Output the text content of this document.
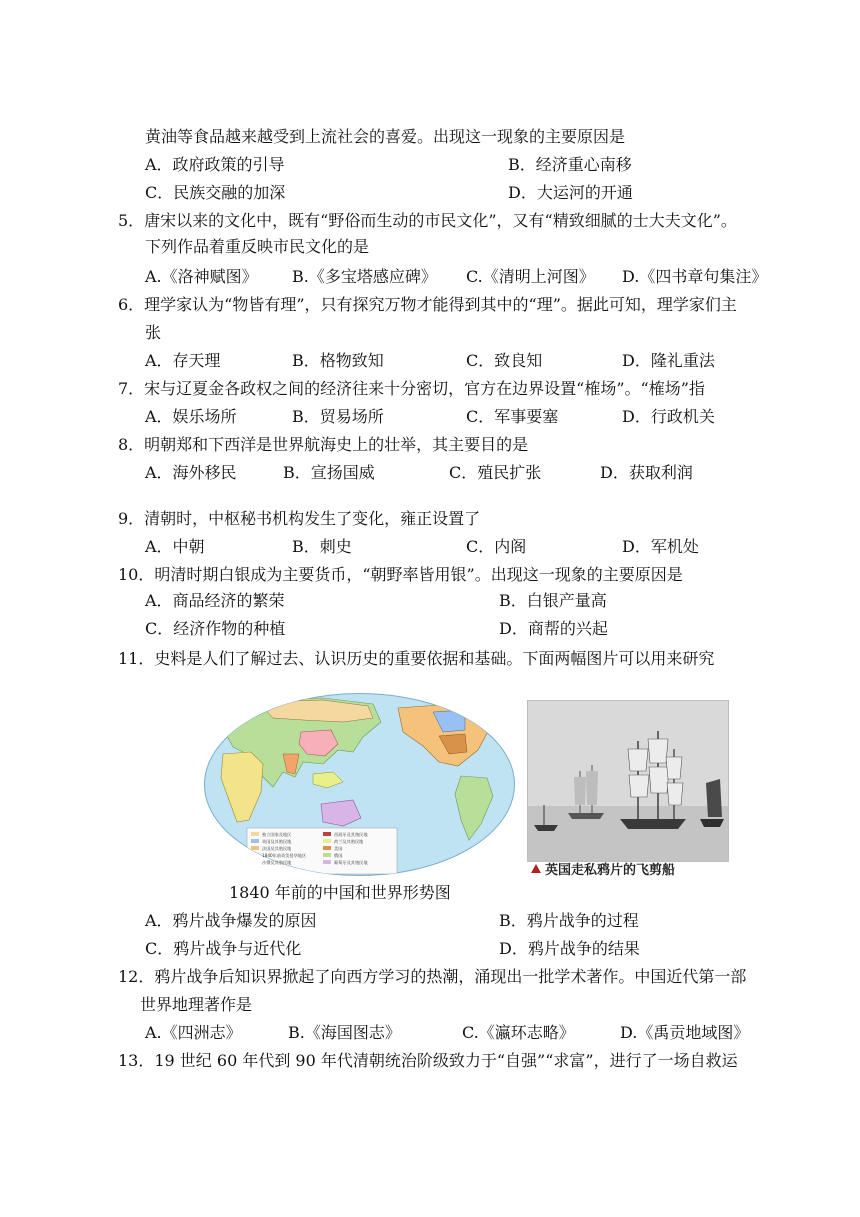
黄油等食品越来越受到上流社会的喜爱。出现这一现象的主要原因是
A．政府政策的引导	B．经济重心南移
C．民族交融的加深	D．大运河的开通
5．唐宋以来的文化中，既有“野俗而生动的市民文化”，又有“精致细腻的士大夫文化”。
下列作品着重反映市民文化的是
A.《洛神赋图》 B.《多宝塔感应碑》 C.《清明上河图》 D.《四书章句集注》
6．理学家认为“物皆有理”，只有探究万物才能得到其中的“理”。据此可知，理学家们主
张
A．存天理	B．格物致知	C．致良知	D．隆礼重法
7．宋与辽夏金各政权之间的经济往来十分密切，官方在边界设置“榷场”。“榷场”指
A．娱乐场所	B．贸易场所	C．军事要塞	D．行政机关
8．明朝郑和下西洋是世界航海史上的壮举，其主要目的是
A．海外移民	B．宣扬国威	C．殖民扩张	D．获取利润
9．清朝时，中枢秘书机构发生了变化，雍正设置了
A．中朝	B．刺史	C．内阁	D．军机处
10．明清时期白银成为主要货币，“朝野率皆用银”。出现这一现象的主要原因是
A．商品经济的繁荣	B．白银产量高
C．经济作物的种植	D．商帮的兴起
11．史料是人们了解过去、认识历史的重要依据和基础。下面两幅图片可以用来研究
独立国家及地区	西班牙及其殖民地
英国及其殖民地	荷兰及其殖民地
法国及其殖民地	美国
1840年前英美侵华地区	俄国
沙俄及其殖民地	葡萄牙及其殖民地
英国走私鸦片的飞剪船
1840 年前的中国和世界形势图
A．鸦片战争爆发的原因	B．鸦片战争的过程
C．鸦片战争与近代化	D．鸦片战争的结果
12．鸦片战争后知识界掀起了向西方学习的热潮，涌现出一批学术著作。中国近代第一部
世界地理著作是
A.《四洲志》	B.《海国图志》	C.《瀛环志略》	D.《禹贡地域图》
13．19 世纪 60 年代到 90 年代清朝统治阶级致力于“自强”“求富”，进行了一场自救运
